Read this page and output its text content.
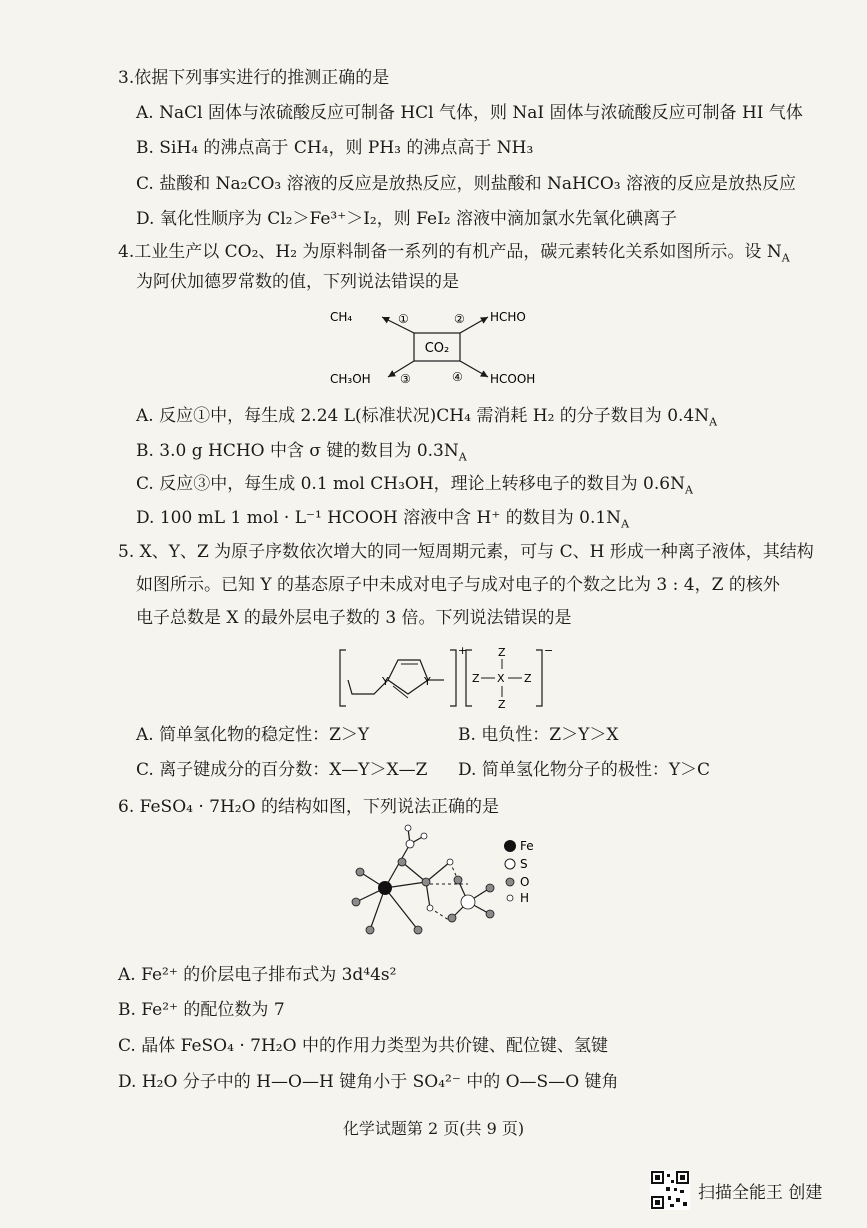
3.依据下列事实进行的推测正确的是
A. NaCl 固体与浓硫酸反应可制备 HCl 气体，则 NaI 固体与浓硫酸反应可制备 HI 气体
B. SiH₄ 的沸点高于 CH₄，则 PH₃ 的沸点高于 NH₃
C. 盐酸和 Na₂CO₃ 溶液的反应是放热反应，则盐酸和 NaHCO₃ 溶液的反应是放热反应
D. 氧化性顺序为 Cl₂＞Fe³⁺＞I₂，则 FeI₂ 溶液中滴加氯水先氧化碘离子
4.工业生产以 CO₂、H₂ 为原料制备一系列的有机产品，碳元素转化关系如图所示。设 $N_A$
为阿伏加德罗常数的值，下列说法错误的是
CO₂
CH₄	HCHO
CH₃OH	HCOOH
①	②
③	④
A. 反应①中，每生成 2.24 L(标准状况)CH₄ 需消耗 H₂ 的分子数目为 $0.4N_A$
B. 3.0 g HCHO 中含 σ 键的数目为 $0.3N_A$
C. 反应③中，每生成 0.1 mol CH₃OH，理论上转移电子的数目为 $0.6N_A$
D. 100 mL 1 mol · L⁻¹ HCOOH 溶液中含 H⁺ 的数目为 $0.1N_A$
5. X、Y、Z 为原子序数依次增大的同一短周期元素，可与 C、H 形成一种离子液体，其结构
如图所示。已知 Y 的基态原子中未成对电子与成对电子的个数之比为 3 : 4，Z 的核外
电子总数是 X 的最外层电子数的 3 倍。下列说法错误的是
Y	Y
+	Z
Z X Z
Z
−
A. 简单氢化物的稳定性：Z＞Y	B. 电负性：Z＞Y＞X
C. 离子键成分的百分数：X—Y＞X—Z D. 简单氢化物分子的极性：Y＞C
6. FeSO₄ · 7H₂O 的结构如图，下列说法正确的是
Fe
S
O
H
A. Fe²⁺ 的价层电子排布式为 3d⁴4s²
B. Fe²⁺ 的配位数为 7
C. 晶体 FeSO₄ · 7H₂O 中的作用力类型为共价键、配位键、氢键
D. H₂O 分子中的 H—O—H 键角小于 SO₄²⁻ 中的 O—S—O 键角
化学试题第 2 页(共 9 页)
扫描全能王 创建
